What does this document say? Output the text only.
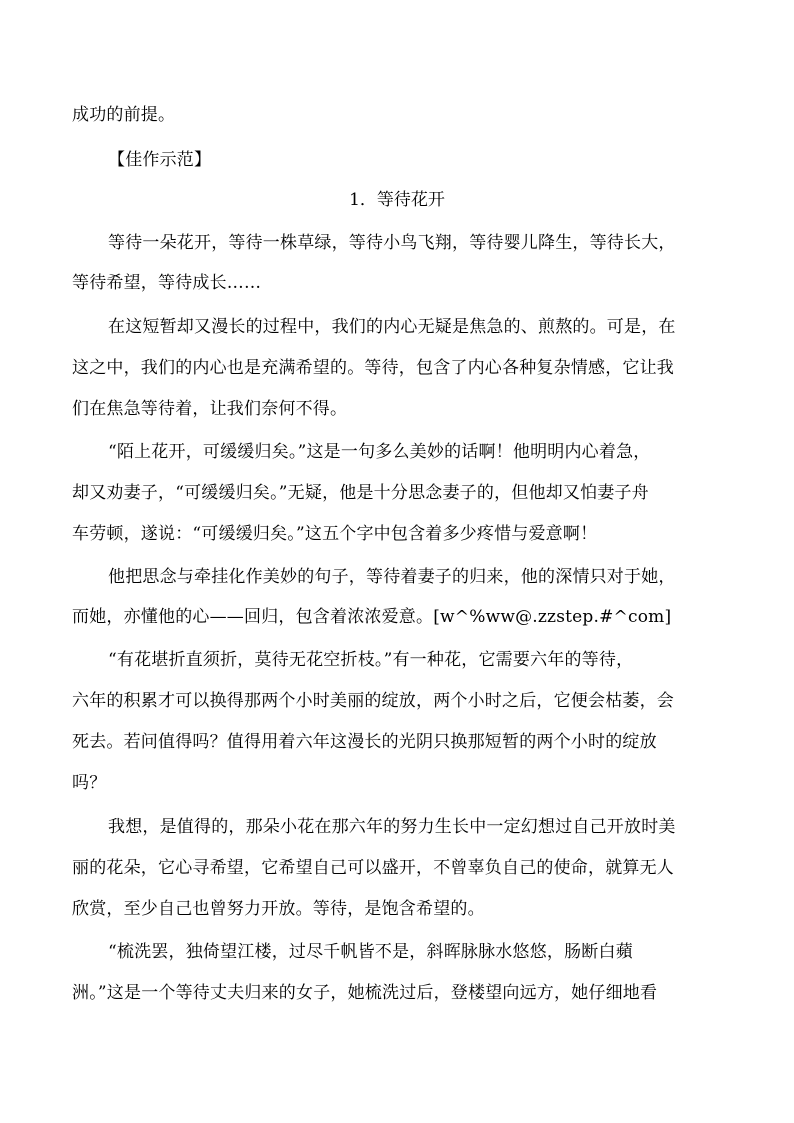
成功的前提。
【佳作示范】
1．等待花开
等待一朵花开，等待一株草绿，等待小鸟飞翔，等待婴儿降生，等待长大，
等待希望，等待成长……
在这短暂却又漫长的过程中，我们的内心无疑是焦急的、煎熬的。可是，在
这之中，我们的内心也是充满希望的。等待，包含了内心各种复杂情感，它让我
们在焦急等待着，让我们奈何不得。
“陌上花开，可缓缓归矣。”这是一句多么美妙的话啊！他明明内心着急，
却又劝妻子，“可缓缓归矣。”无疑，他是十分思念妻子的，但他却又怕妻子舟
车劳顿，遂说：“可缓缓归矣。”这五个字中包含着多少疼惜与爱意啊！
他把思念与牵挂化作美妙的句子，等待着妻子的归来，他的深情只对于她，
而她，亦懂他的心——回归，包含着浓浓爱意。[w^%ww@.zzstep.#^com]
“有花堪折直须折，莫待无花空折枝。”有一种花，它需要六年的等待，
六年的积累才可以换得那两个小时美丽的绽放，两个小时之后，它便会枯萎，会
死去。若问值得吗？值得用着六年这漫长的光阴只换那短暂的两个小时的绽放
吗？
我想，是值得的，那朵小花在那六年的努力生长中一定幻想过自己开放时美
丽的花朵，它心寻希望，它希望自己可以盛开，不曾辜负自己的使命，就算无人
欣赏，至少自己也曾努力开放。等待，是饱含希望的。
“梳洗罢，独倚望江楼，过尽千帆皆不是，斜晖脉脉水悠悠，肠断白蘋
洲。”这是一个等待丈夫归来的女子，她梳洗过后，登楼望向远方，她仔细地看
